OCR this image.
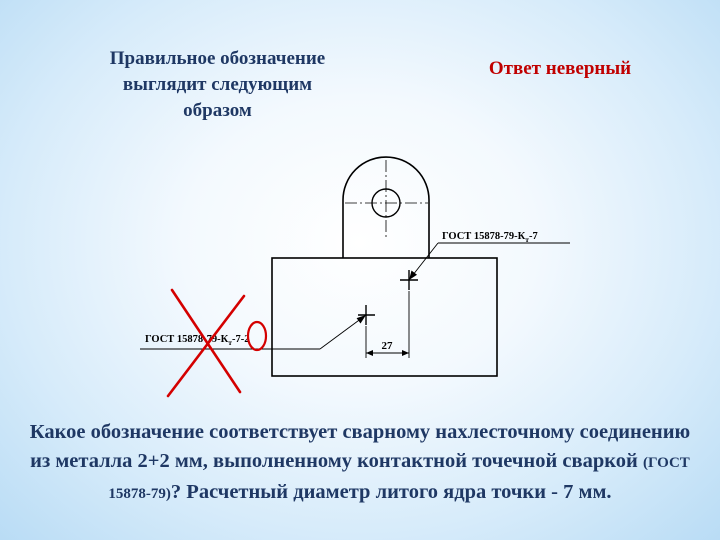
Правильное обозначение
выглядит следующим
образом
Ответ неверный
27
ГОСТ $15878-79-К_т-7$
ГОСТ $15878-79-К_т-7-2$
Какое обозначение соответствует сварному нахлесточному соединению из металла 2+2 мм, выполненному контактной точечной сваркой (ГОСТ 15878-79)? Расчетный диаметр литого ядра точки - 7 мм.
